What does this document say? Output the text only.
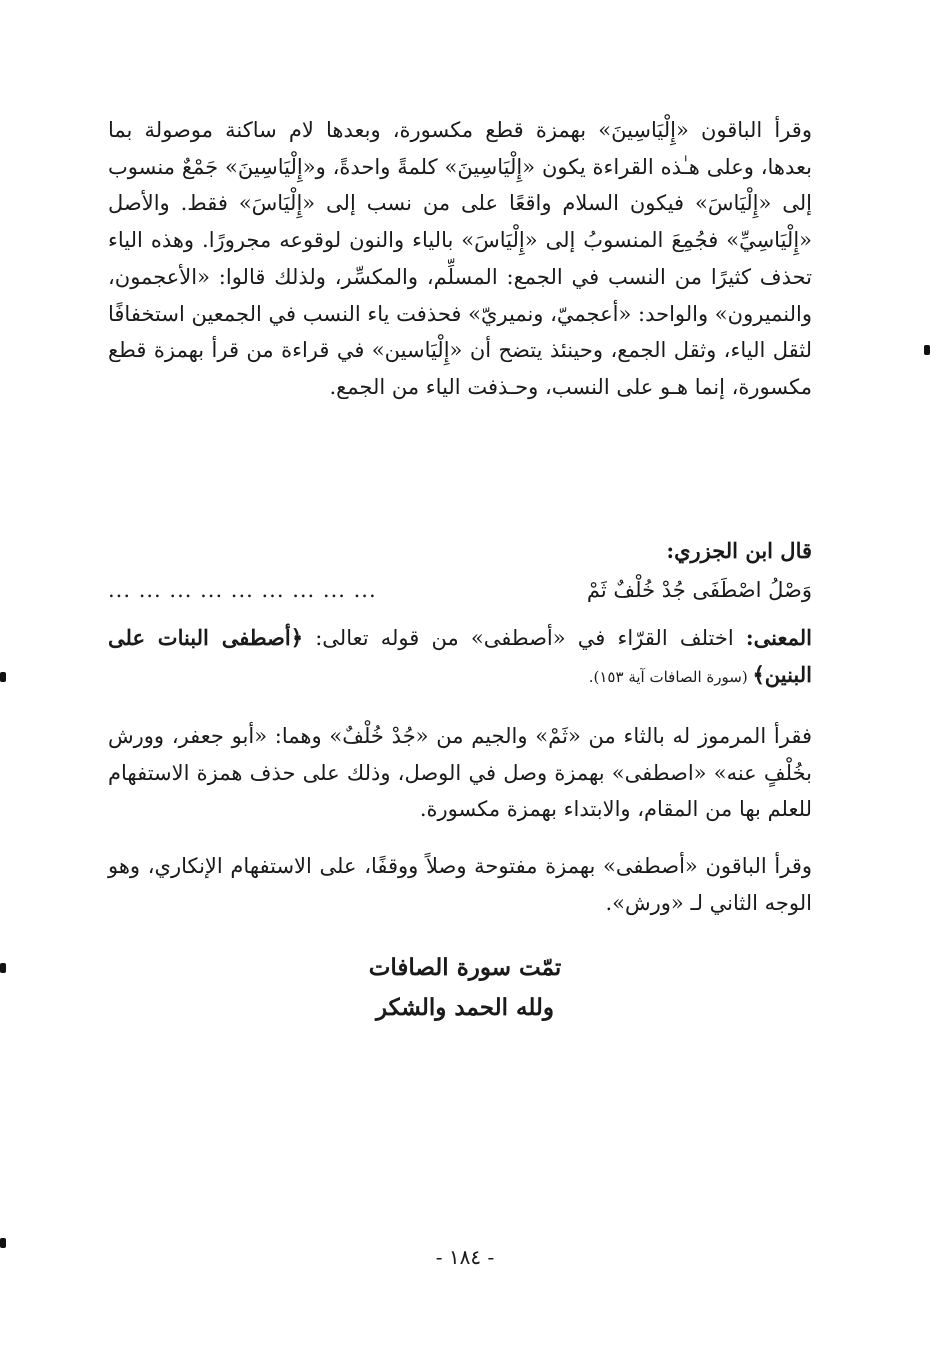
وقرأ الباقون «إِلْيَاسِينَ» بهمزة قطع مكسورة، وبعدها لام ساكنة موصولة بما بعدها، وعلى هـٰذه القراءة يكون «إِلْيَاسِينَ» كلمةً واحدةً، و«إِلْيَاسِينَ» جَمْعٌ منسوب إلى «إِلْيَاسَ» فيكون السلام واقعًا على من نسب إلى «إِلْيَاسَ» فقط. والأصل «إِلْيَاسِيِّ» فجُمِعَ المنسوبُ إلى «إِلْيَاسَ» بالياء والنون لوقوعه مجرورًا. وهذه الياء تحذف كثيرًا من النسب في الجمع: المسلِّم، والمكسِّر، ولذلك قالوا: «الأعجمون، والنميرون» والواحد: «أعجميّ، ونميريّ» فحذفت ياء النسب في الجمعين استخفافًا لثقل الياء، وثقل الجمع، وحينئذ يتضح أن «إِلْيَاسين» في قراءة من قرأ بهمزة قطع مكسورة، إنما هـو على النسب، وحـذفت الياء من الجمع.
قال ابن الجزري:
وَصْلُ اصْطَفَى جُدْ خُلْفٌ ثَمْ
... ... ... ... ... ... ... ... ...
المعنى: اختلف القرّاء في «أصطفى» من قوله تعالى: ﴿أصطفى البنات على البنين﴾ (سورة الصافات آية ١٥٣).
فقرأ المرموز له بالثاء من «ثَمْ» والجيم من «جُدْ خُلْفٌ» وهما: «أبو جعفر، وورش بخُلْفٍ عنه» «اصطفى» بهمزة وصل في الوصل، وذلك على حذف همزة الاستفهام للعلم بها من المقام، والابتداء بهمزة مكسورة.
وقرأ الباقون «أصطفى» بهمزة مفتوحة وصلاً ووقفًا، على الاستفهام الإنكاري، وهو الوجه الثاني لـ «ورش».
تمّت سورة الصافات
ولله الحمد والشكر
- ١٨٤ -
